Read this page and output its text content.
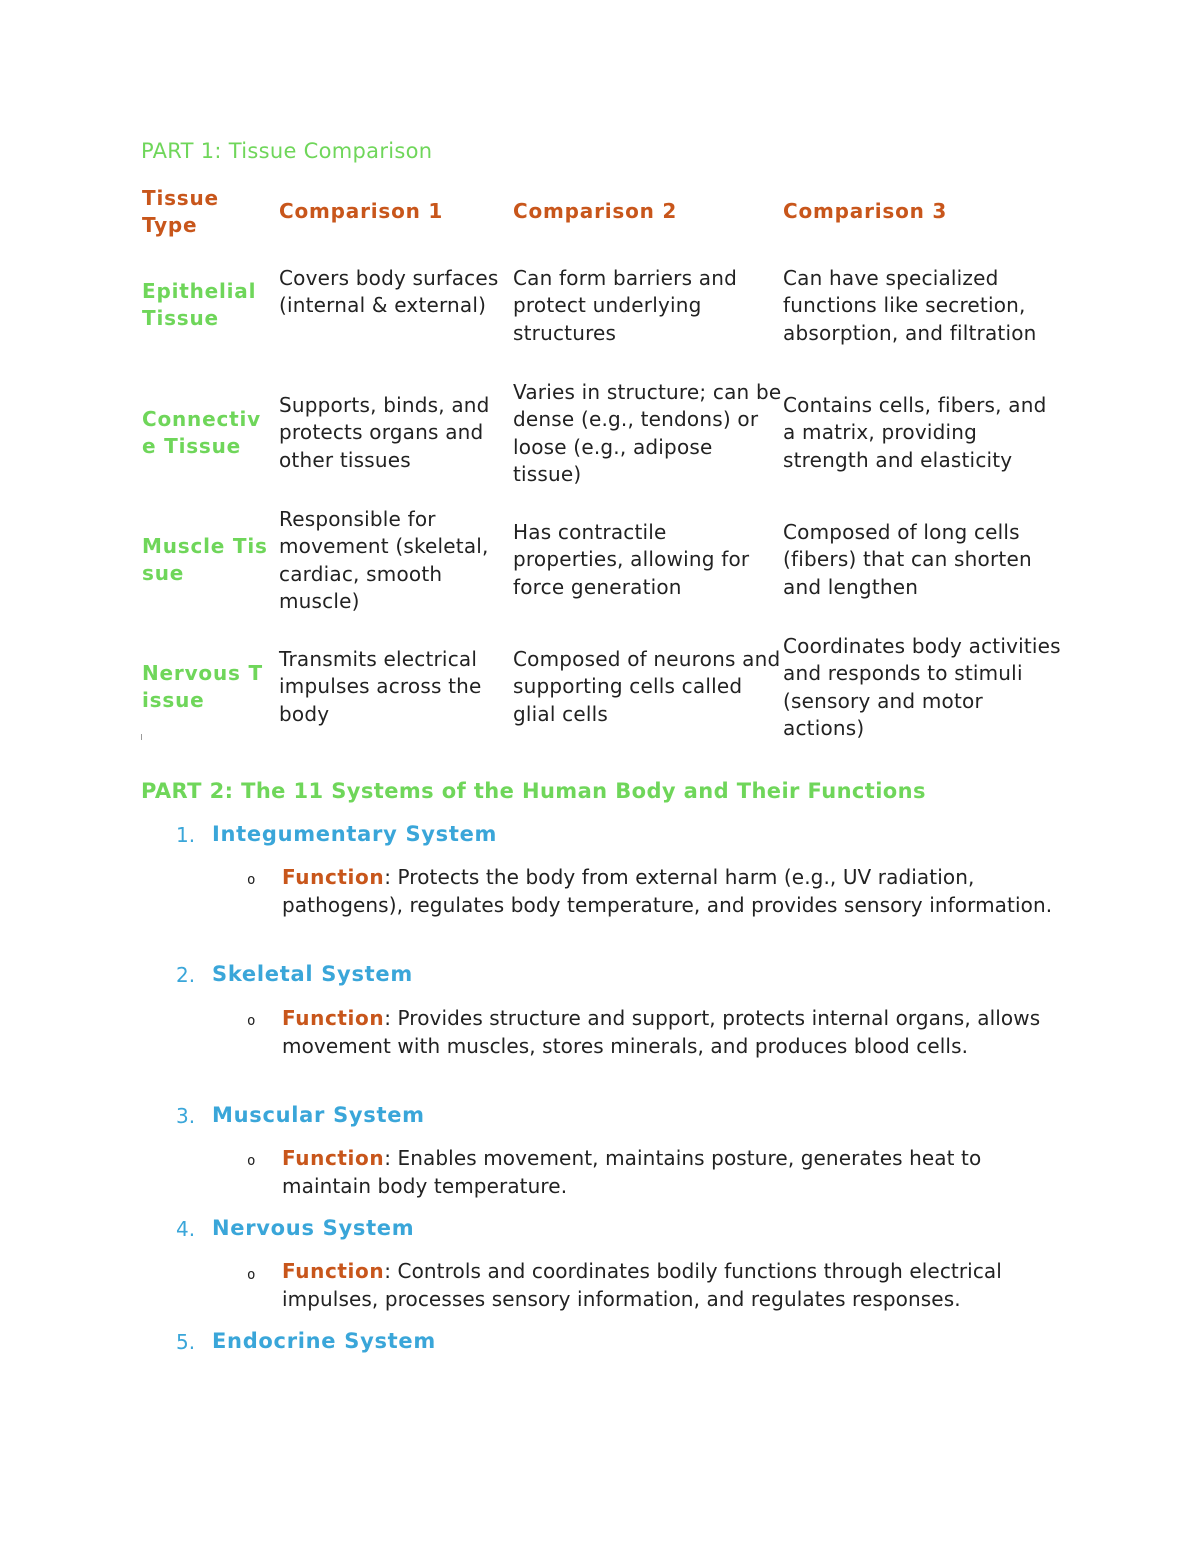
PART 1: Tissue Comparison
Tissue Type
Comparison 1	Comparison 2	Comparison 3
Epithelial Tissue
Covers body surfaces (internal & external)
Can form barriers and protect underlying structures
Can have specialized functions like secretion, absorption, and filtration
Connective Tissue
Supports, binds, and protects organs and other tissues
Varies in structure; can be dense (e.g., tendons) or loose (e.g., adipose tissue)
Contains cells, fibers, and a matrix, providing strength and elasticity
Muscle Tissue
Responsible for movement (skeletal, cardiac, smooth muscle)
Has contractile properties, allowing for force generation
Composed of long cells (fibers) that can shorten and lengthen
Nervous Tissue
Transmits electrical impulses across the body
Composed of neurons and supporting cells called glial cells
Coordinates body activities and responds to stimuli (sensory and motor actions)
PART 2: The 11 Systems of the Human Body and Their Functions
1. Integumentary System
o Function: Protects the body from external harm (e.g., UV radiation, pathogens), regulates body temperature, and provides sensory information.
2. Skeletal System
o Function: Provides structure and support, protects internal organs, allows movement with muscles, stores minerals, and produces blood cells.
3. Muscular System
o Function: Enables movement, maintains posture, generates heat to maintain body temperature.
4. Nervous System
o Function: Controls and coordinates bodily functions through electrical impulses, processes sensory information, and regulates responses.
5. Endocrine System
